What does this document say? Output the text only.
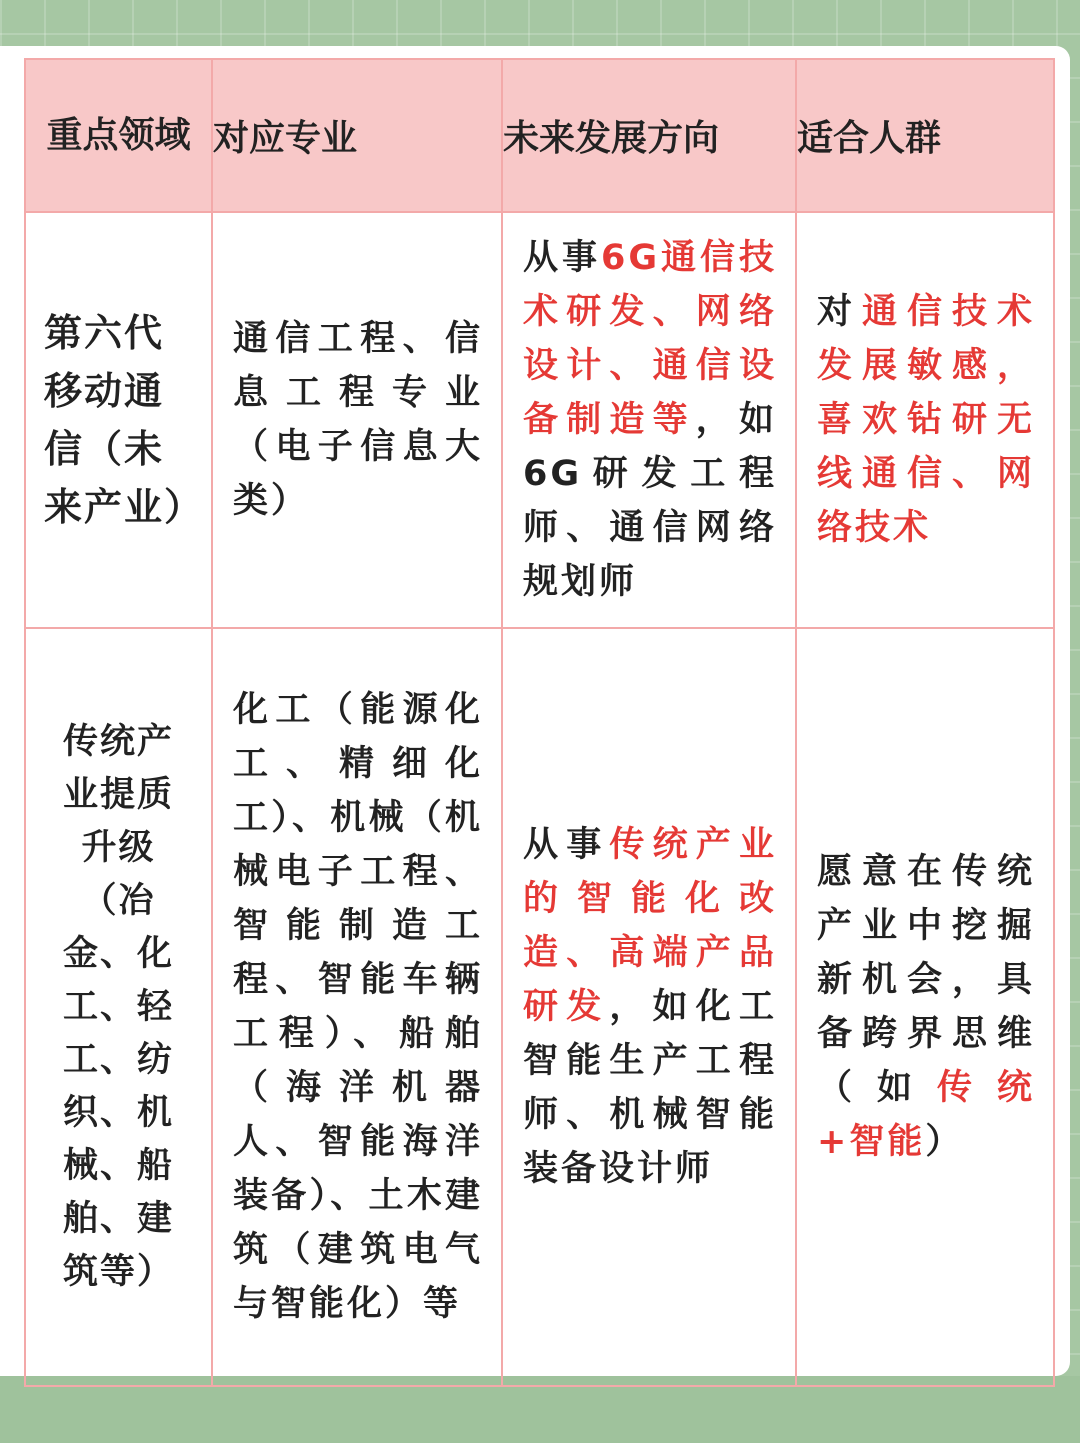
重点领域	对应专业	未来发展方向	适合人群

第六代移动通信（未来产业）	通信工程、信息工程专业（电子信息大类）	从事6G通信技术研发、网络设计、通信设备制造等，如6G研发工程师、通信网络规划师	对通信技术发展敏感，喜欢钻研无线通信、网络技术

传统产业提质升级（冶金、化工、轻工、纺织、机械、船舶、建筑等）	化工（能源化工、精细化工）、机械（机械电子工程、智能制造工程、智能车辆工程）、船舶（海洋机器人、智能海洋装备）、土木建筑（建筑电气与智能化）等	从事传统产业的智能化改造、高端产品研发，如化工智能生产工程师、机械智能装备设计师	愿意在传统产业中挖掘新机会，具备跨界思维（如传统+智能）
